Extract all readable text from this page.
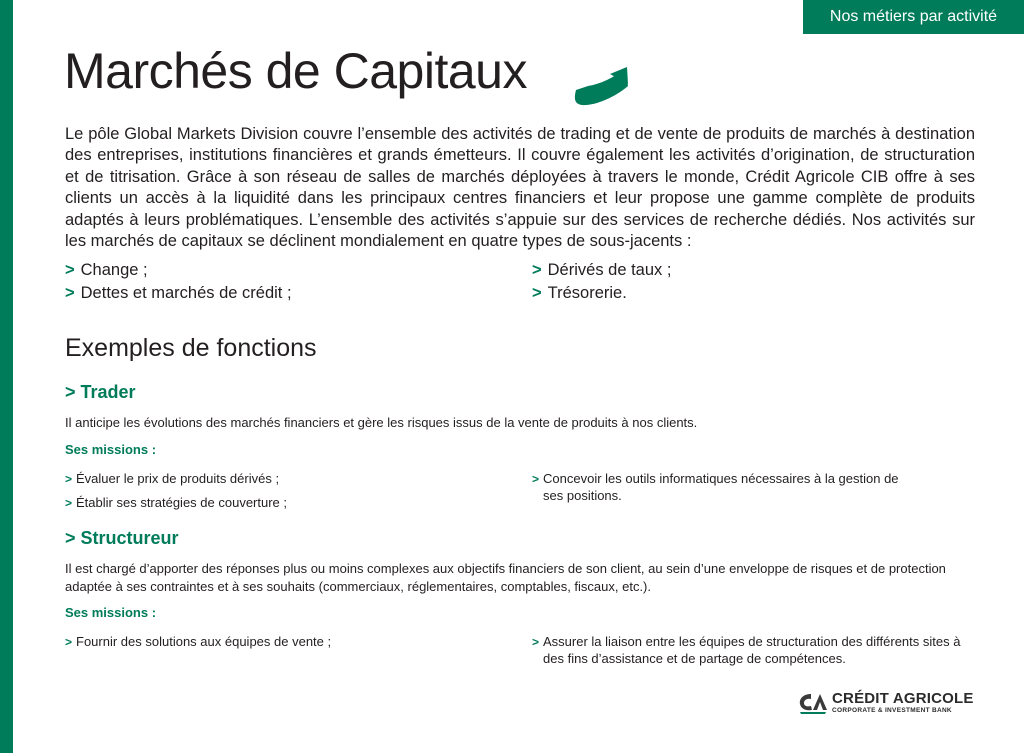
Nos métiers par activité
Marchés de Capitaux

Le pôle Global Markets Division couvre l’ensemble des activités de trading et de vente de produits de marchés à destination des entreprises, institutions financières et grands émetteurs. Il couvre également les activités d’origination, de structuration et de titrisation. Grâce à son réseau de salles de marchés déployées à travers le monde, Crédit Agricole CIB offre à ses clients un accès à la liquidité dans les principaux centres financiers et leur propose une gamme complète de produits adaptés à leurs problématiques. L’ensemble des activités s’appuie sur des services de recherche dédiés. Nos activités sur les marchés de capitaux se déclinent mondialement en quatre types de sous-jacents :

> Change ;
> Dettes et marchés de crédit ;
> Dérivés de taux ;
> Trésorerie.
Exemples de fonctions
> Trader

Il anticipe les évolutions des marchés financiers et gère les risques issus de la vente de produits à nos clients.

Ses missions :

> Évaluer le prix de produits dérivés ;
> Établir ses stratégies de couverture ;
> Concevoir les outils informatiques nécessaires à la gestion de ses positions.
> Structureur

Il est chargé d’apporter des réponses plus ou moins complexes aux objectifs financiers de son client, au sein d’une enveloppe de risques et de protection adaptée à ses contraintes et à ses souhaits (commerciaux, réglementaires, comptables, fiscaux, etc.).

Ses missions :

> Fournir des solutions aux équipes de vente ;	> Assurer la liaison entre les équipes de structuration des différents sites à des fins d’assistance et de partage de compétences.
CRÉDIT AGRICOLE
CORPORATE & INVESTMENT BANK
